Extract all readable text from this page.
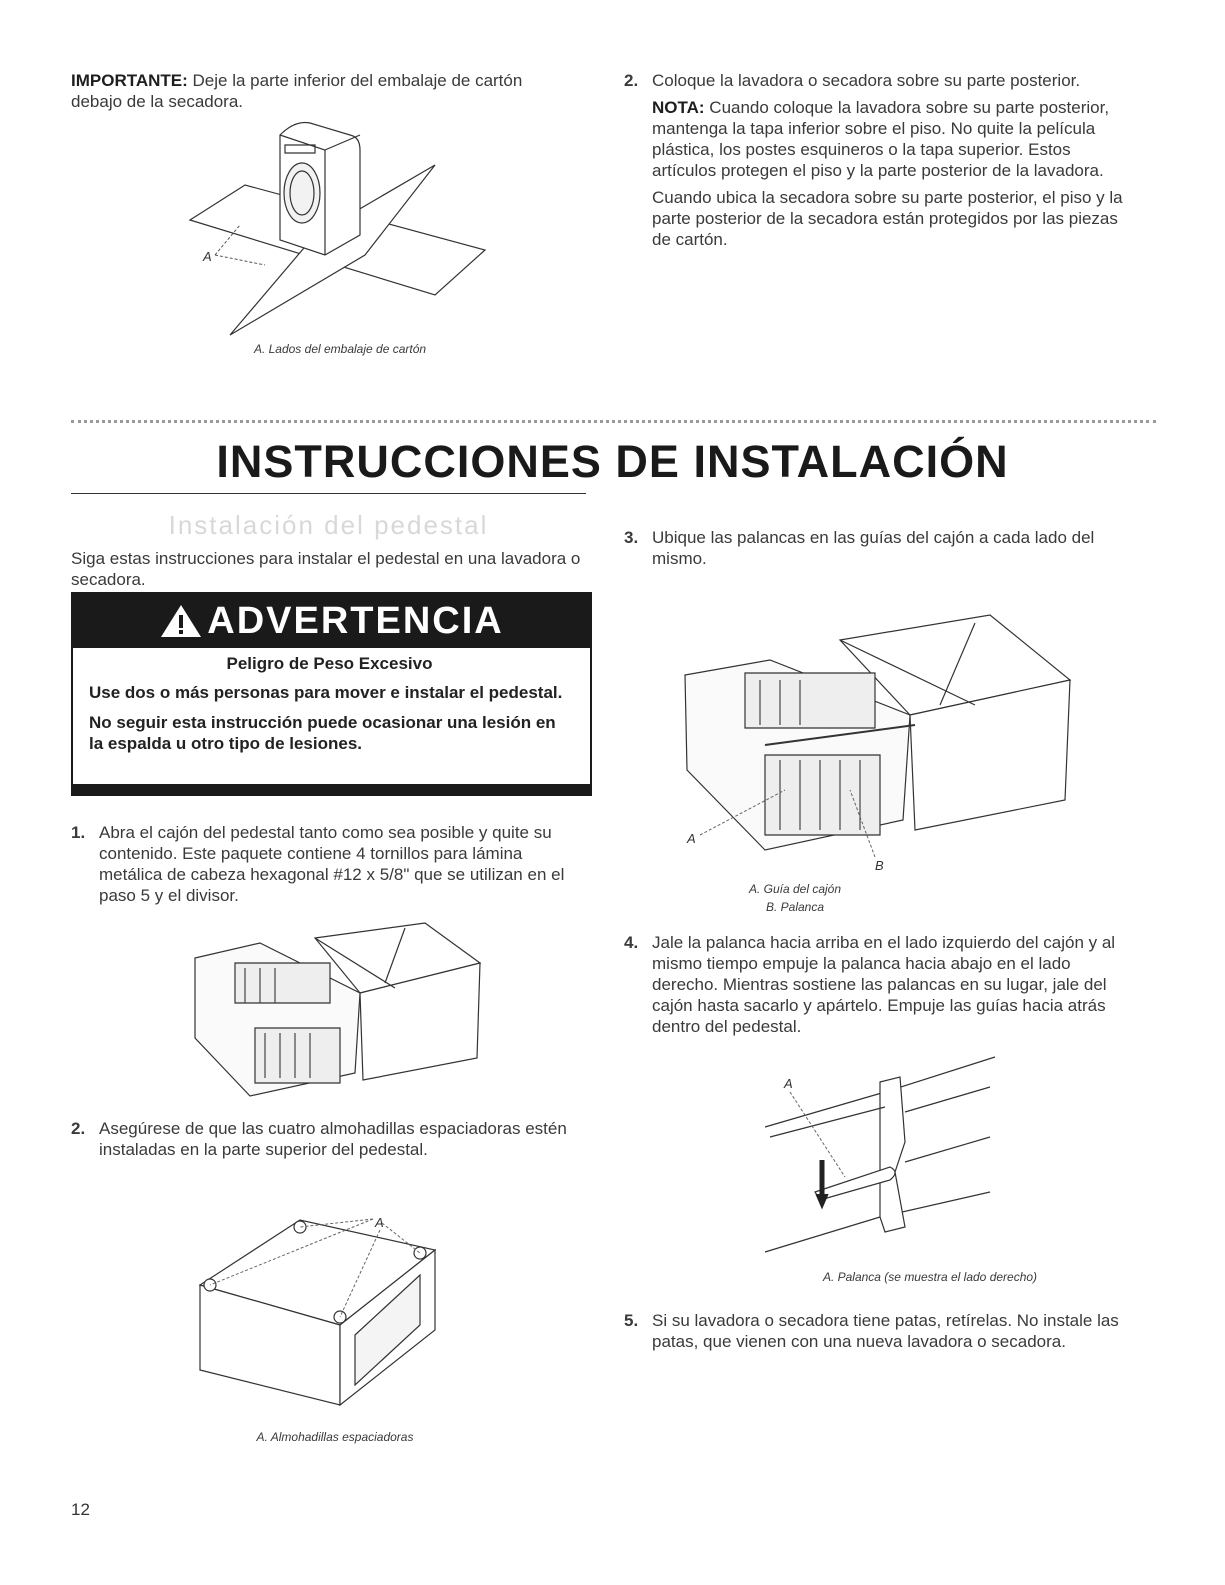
IMPORTANTE: Deje la parte inferior del embalaje de cartón debajo de la secadora.
A
A. Lados del embalaje de cartón
2. Coloque la lavadora o secadora sobre su parte posterior.
NOTA: Cuando coloque la lavadora sobre su parte posterior, mantenga la tapa inferior sobre el piso. No quite la película plástica, los postes esquineros o la tapa superior. Estos artículos protegen el piso y la parte posterior de la lavadora.
Cuando ubica la secadora sobre su parte posterior, el piso y la parte posterior de la secadora están protegidos por las piezas de cartón.
INSTRUCCIONES DE INSTALACIÓN
Instalación del pedestal
Siga estas instrucciones para instalar el pedestal en una lavadora o secadora.
ADVERTENCIA
Peligro de Peso Excesivo
Use dos o más personas para mover e instalar el pedestal.
No seguir esta instrucción puede ocasionar una lesión en la espalda u otro tipo de lesiones.
1. Abra el cajón del pedestal tanto como sea posible y quite su contenido. Este paquete contiene 4 tornillos para lámina metálica de cabeza hexagonal #12 x 5/8" que se utilizan en el paso 5 y el divisor.
2. Asegúrese de que las cuatro almohadillas espaciadoras estén instaladas en la parte superior del pedestal.
A
A. Almohadillas espaciadoras
3. Ubique las palancas en las guías del cajón a cada lado del mismo.
A
B
A. Guía del cajón
B. Palanca
4. Jale la palanca hacia arriba en el lado izquierdo del cajón y al mismo tiempo empuje la palanca hacia abajo en el lado derecho. Mientras sostiene las palancas en su lugar, jale del cajón hasta sacarlo y apártelo. Empuje las guías hacia atrás dentro del pedestal.
A
A. Palanca (se muestra el lado derecho)
5. Si su lavadora o secadora tiene patas, retírelas. No instale las patas, que vienen con una nueva lavadora o secadora.
12
